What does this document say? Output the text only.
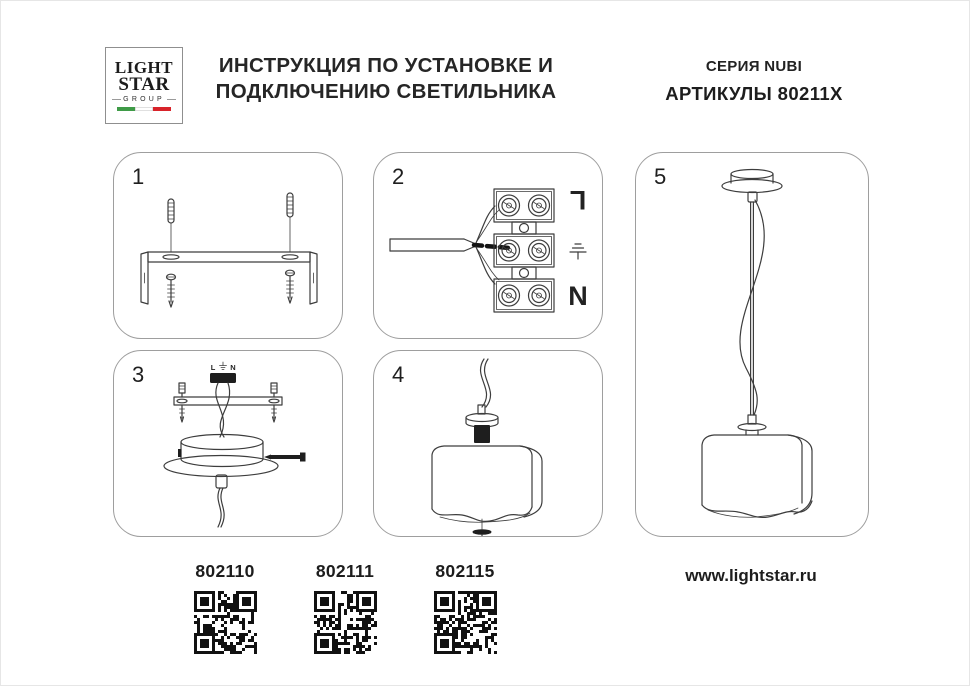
LIGHT
STAR
GROUP
ИНСТРУКЦИЯ ПО УСТАНОВКЕ И
ПОДКЛЮЧЕНИЮ СВЕТИЛЬНИКА
СЕРИЯ NUBI
АРТИКУЛЫ 80211X
1	2
L
N
3	L N	4
5
802110	802111	802115	www.lightstar.ru
